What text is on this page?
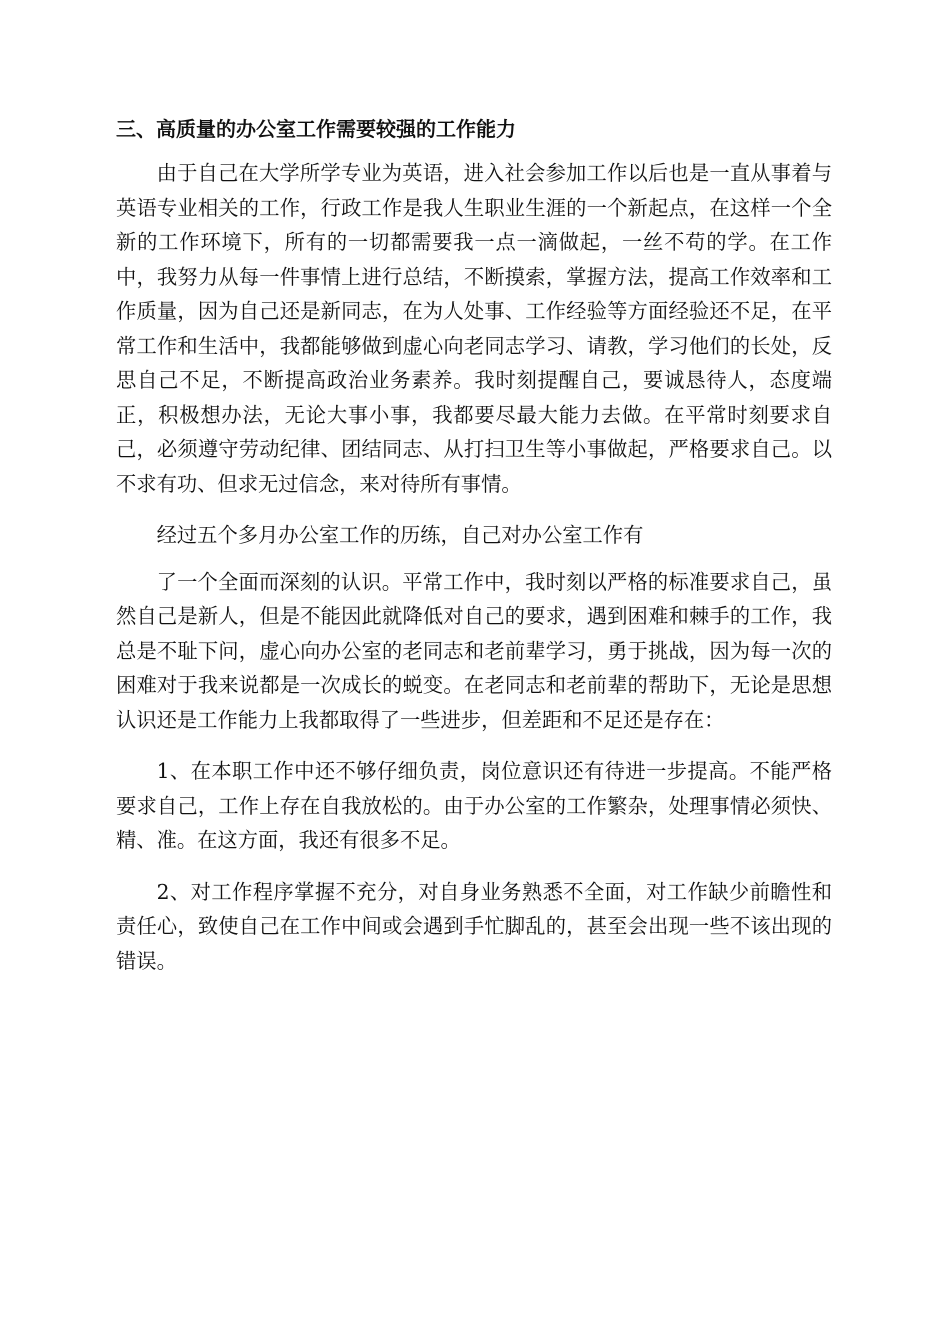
三、高质量的办公室工作需要较强的工作能力

由于自己在大学所学专业为英语，进入社会参加工作以后也是一直从事着与英语专业相关的工作，行政工作是我人生职业生涯的一个新起点，在这样一个全新的工作环境下，所有的一切都需要我一点一滴做起，一丝不苟的学。在工作中，我努力从每一件事情上进行总结，不断摸索，掌握方法，提高工作效率和工作质量，因为自己还是新同志，在为人处事、工作经验等方面经验还不足，在平常工作和生活中，我都能够做到虚心向老同志学习、请教，学习他们的长处，反思自己不足，不断提高政治业务素养。我时刻提醒自己，要诚恳待人，态度端正，积极想办法，无论大事小事，我都要尽最大能力去做。在平常时刻要求自己，必须遵守劳动纪律、团结同志、从打扫卫生等小事做起，严格要求自己。以不求有功、但求无过信念，来对待所有事情。

经过五个多月办公室工作的历练，自己对办公室工作有

了一个全面而深刻的认识。平常工作中，我时刻以严格的标准要求自己，虽然自己是新人，但是不能因此就降低对自己的要求，遇到困难和棘手的工作，我总是不耻下问，虚心向办公室的老同志和老前辈学习，勇于挑战，因为每一次的困难对于我来说都是一次成长的蜕变。在老同志和老前辈的帮助下，无论是思想认识还是工作能力上我都取得了一些进步，但差距和不足还是存在：

1、在本职工作中还不够仔细负责，岗位意识还有待进一步提高。不能严格要求自己，工作上存在自我放松的。由于办公室的工作繁杂，处理事情必须快、精、准。在这方面，我还有很多不足。

2、对工作程序掌握不充分，对自身业务熟悉不全面，对工作缺少前瞻性和责任心，致使自己在工作中间或会遇到手忙脚乱的，甚至会出现一些不该出现的错误。
